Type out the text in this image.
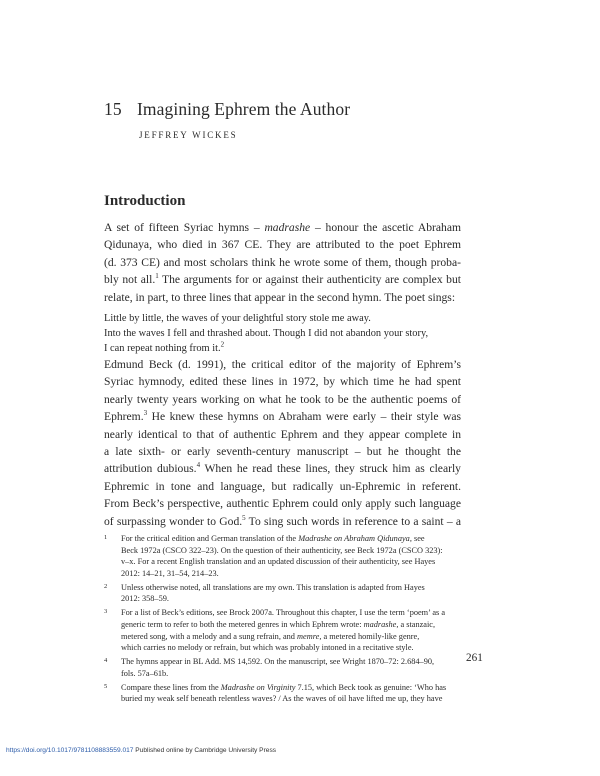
15 Imagining Ephrem the Author
JEFFREY WICKES
Introduction
A set of fifteen Syriac hymns – madrashe – honour the ascetic Abraham
Qidunaya, who died in 367 CE. They are attributed to the poet Ephrem
(d. 373 CE) and most scholars think he wrote some of them, though proba-
bly not all.$^1$ The arguments for or against their authenticity are complex but
relate, in part, to three lines that appear in the second hymn. The poet sings:
Little by little, the waves of your delightful story stole me away.
Into the waves I fell and thrashed about. Though I did not abandon your story,
I can repeat nothing from it.$^2$
Edmund Beck (d. 1991), the critical editor of the majority of Ephrem’s
Syriac hymnody, edited these lines in 1972, by which time he had spent
nearly twenty years working on what he took to be the authentic poems of
Ephrem.$^3$ He knew these hymns on Abraham were early – their style was
nearly identical to that of authentic Ephrem and they appear complete in
a late sixth- or early seventh-century manuscript – but he thought the
attribution dubious.$^4$ When he read these lines, they struck him as clearly
Ephremic in tone and language, but radically un-Ephremic in referent.
From Beck’s perspective, authentic Ephrem could only apply such language
of surpassing wonder to God.$^5$ To sing such words in reference to a saint – a
1 For the critical edition and German translation of the Madrashe on Abraham Qidunaya, see
Beck 1972a (CSCO 322–23). On the question of their authenticity, see Beck 1972a (CSCO 323):
v–x. For a recent English translation and an updated discussion of their authenticity, see Hayes
2012: 14–21, 31–54, 214–23.
2 Unless otherwise noted, all translations are my own. This translation is adapted from Hayes
2012: 358–59.
3 For a list of Beck’s editions, see Brock 2007a. Throughout this chapter, I use the term ‘poem’ as a
generic term to refer to both the metered genres in which Ephrem wrote: madrashe, a stanzaic,
metered song, with a melody and a sung refrain, and memre, a metered homily-like genre,
which carries no melody or refrain, but which was probably intoned in a recitative style.
4 The hymns appear in BL Add. MS 14,592. On the manuscript, see Wright 1870–72: 2.684–90,
fols. 57a–61b.
5 Compare these lines from the Madrashe on Virginity 7.15, which Beck took as genuine: ‘Who has
buried my weak self beneath relentless waves? / As the waves of oil have lifted me up, they have
261
https://doi.org/10.1017/9781108883559.017 Published online by Cambridge University Press
